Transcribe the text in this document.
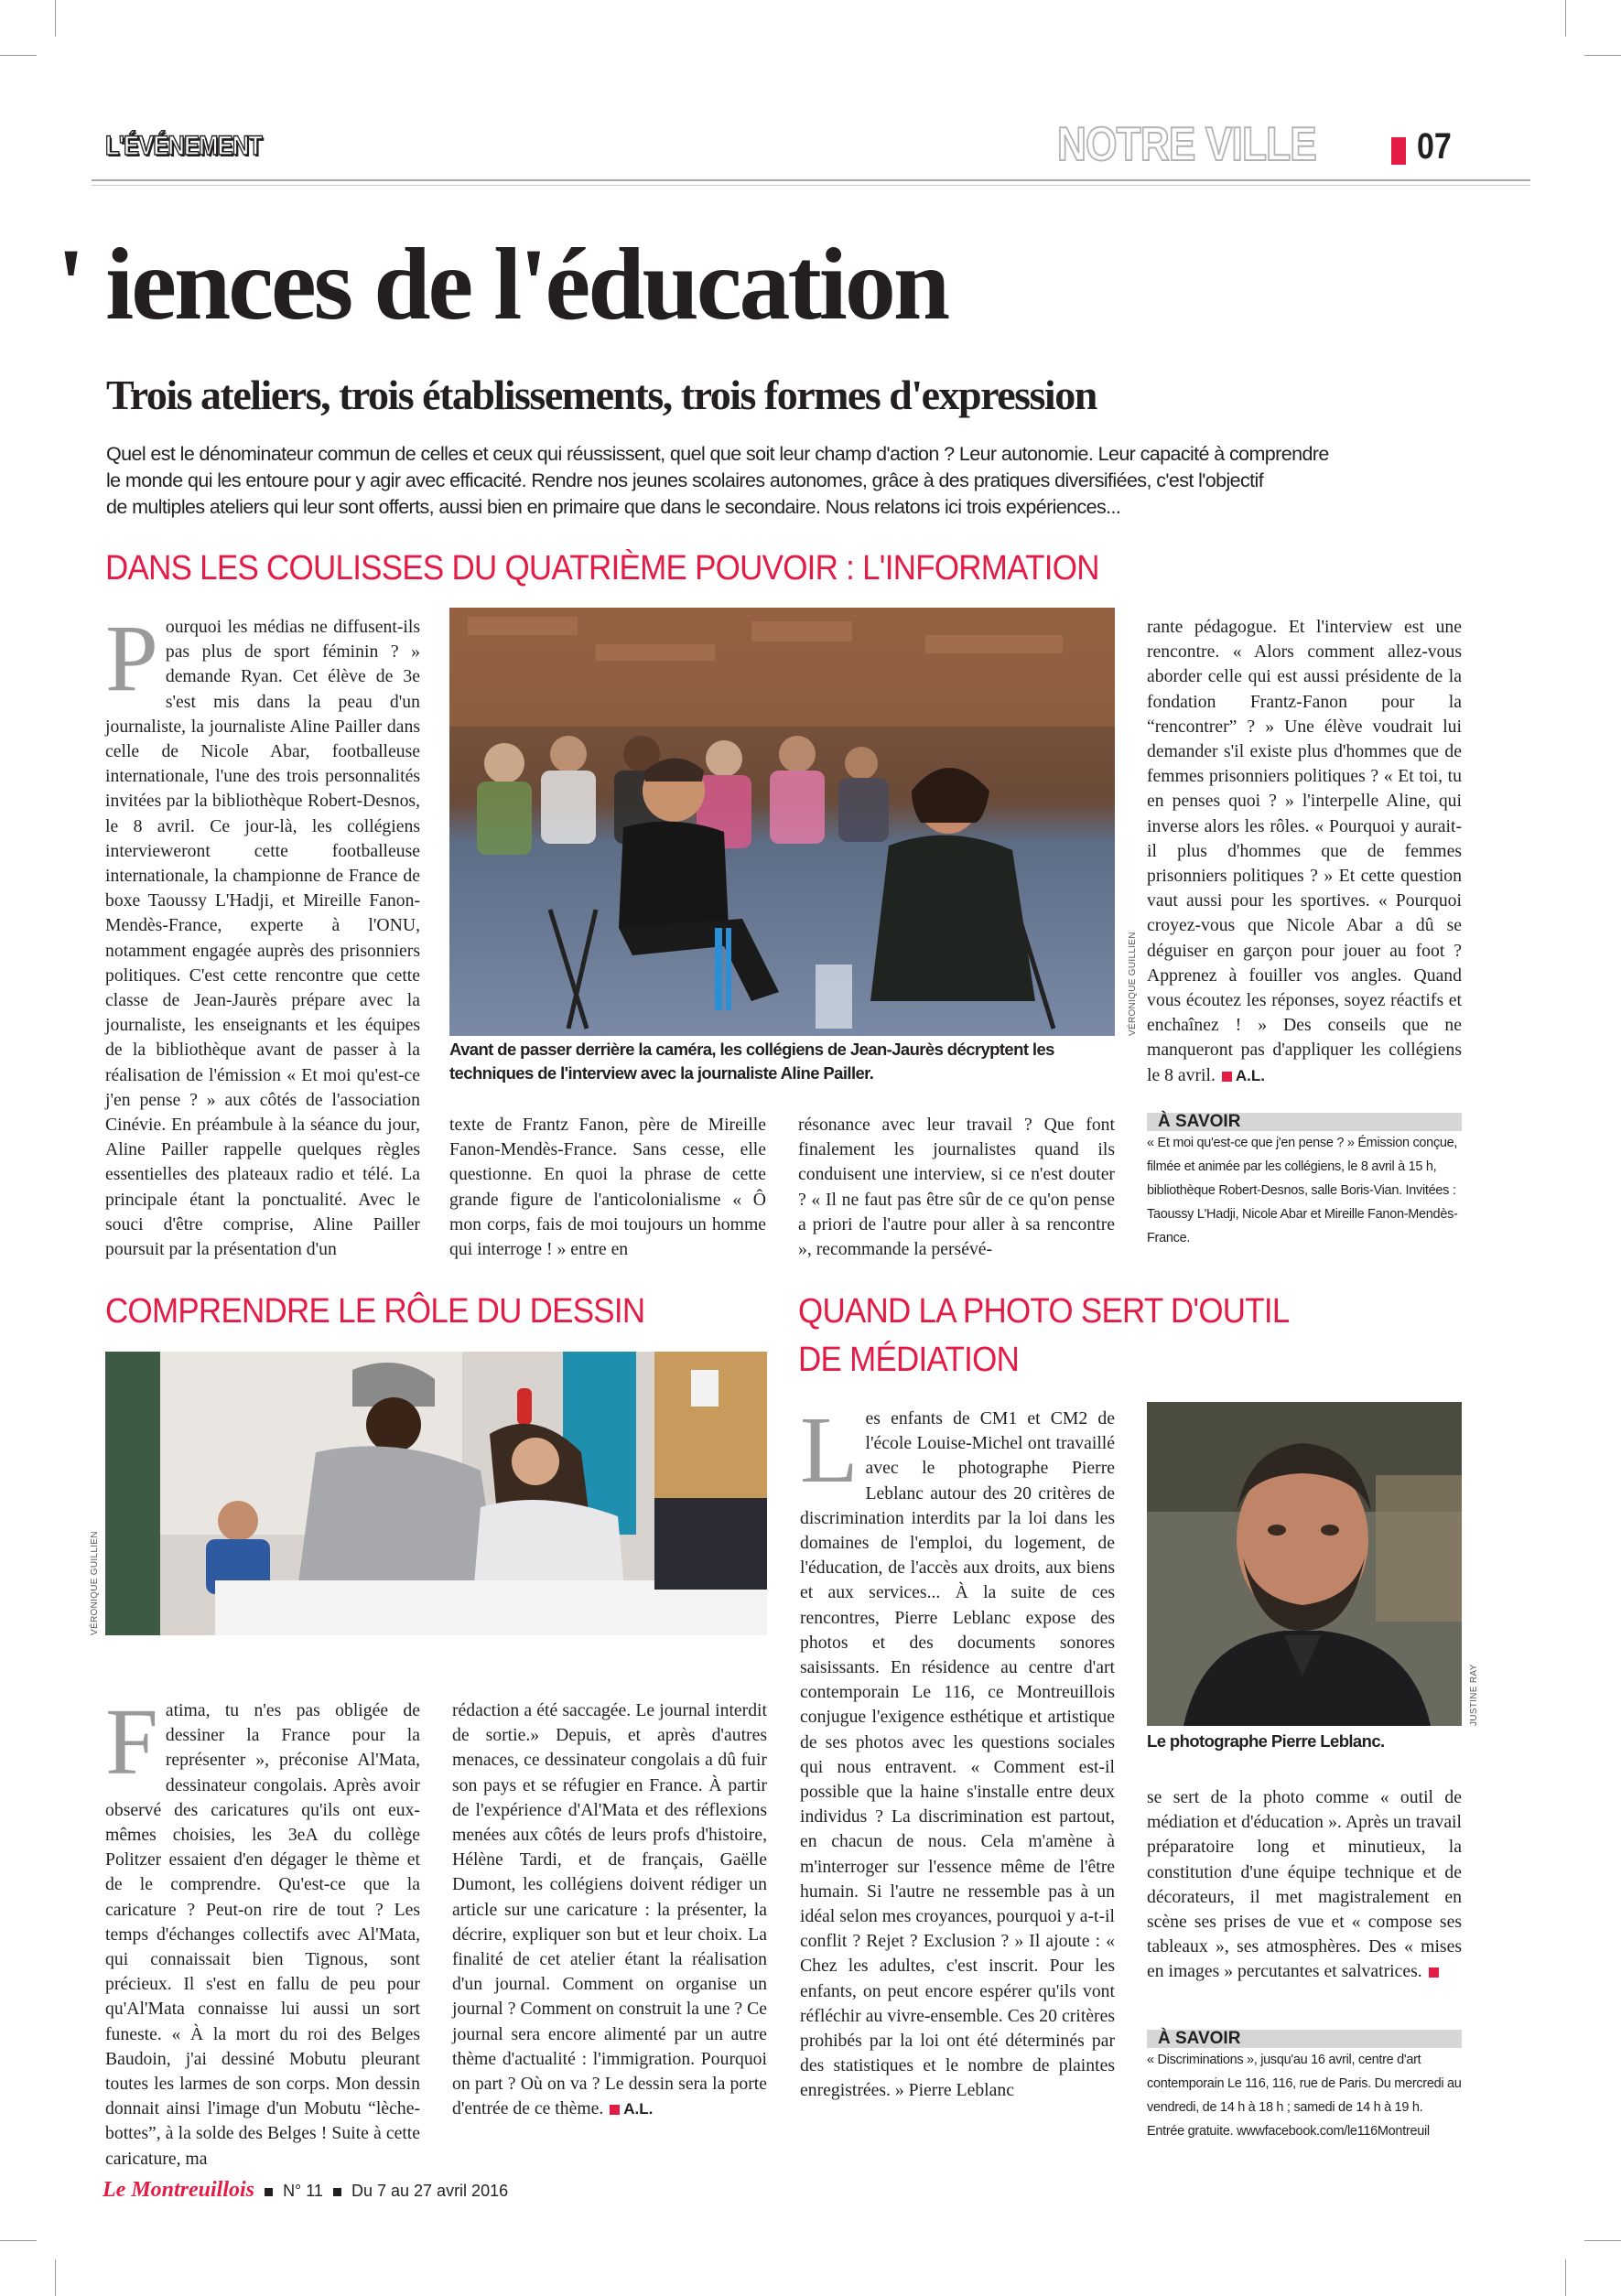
L'ÉVÉNEMENT	NOTRE VILLE	07
' iences de l'éducation
Trois ateliers, trois établissements, trois formes d'expression

Quel est le dénominateur commun de celles et ceux qui réussissent, quel que soit leur champ d'action ? Leur autonomie. Leur capacité à comprendre

le monde qui les entoure pour y agir avec efficacité. Rendre nos jeunes scolaires autonomes, grâce à des pratiques diversifiées, c'est l'objectif

de multiples ateliers qui leur sont offerts, aussi bien en primaire que dans le secondaire. Nous relatons ici trois expériences...

DANS LES COULISSES DU QUATRIÈME POUVOIR : L'INFORMATION
P ourquoi les médias ne diffusent-ils pas plus de sport féminin ? » demande Ryan. Cet élève de 3e s'est mis dans la peau d'un journaliste, la journaliste Aline Pailler dans celle de Nicole Abar, footballeuse internationale, l'une des trois personnalités invitées par la bibliothèque Robert-Desnos, le 8 avril. Ce jour-là, les collégiens intervieweront cette footballeuse internationale, la championne de France de boxe Taoussy L'Hadji, et Mireille Fanon-Mendès-France, experte à l'ONU, notamment engagée auprès des prisonniers politiques. C'est cette rencontre que cette classe de Jean-Jaurès prépare avec la journaliste, les enseignants et les équipes de la bibliothèque avant de passer à la réalisation de l'émission « Et moi qu'est-ce j'en pense ? » aux côtés de l'association Cinévie. En préambule à la séance du jour, Aline Pailler rappelle quelques règles essentielles des plateaux radio et télé. La principale étant la ponctualité. Avec le souci d'être comprise, Aline Pailler poursuit par la présentation d'un
VÉRONIQUE GUILLIEN
Avant de passer derrière la caméra, les collégiens de Jean-Jaurès décryptent les techniques de l'interview avec la journaliste Aline Pailler.
texte de Frantz Fanon, père de Mireille Fanon-Mendès-France. Sans cesse, elle questionne. En quoi la phrase de cette grande figure de l'anticolonialisme « Ô mon corps, fais de moi toujours un homme qui interroge ! » entre en
résonance avec leur travail ? Que font finalement les journalistes quand ils conduisent une interview, si ce n'est douter ? « Il ne faut pas être sûr de ce qu'on pense a priori de l'autre pour aller à sa rencontre », recommande la persévé-
rante pédagogue. Et l'interview est une rencontre. « Alors comment allez-vous aborder celle qui est aussi présidente de la fondation Frantz-Fanon pour la “rencontrer” ? » Une élève voudrait lui demander s'il existe plus d'hommes que de femmes prisonniers politiques ? « Et toi, tu en penses quoi ? » l'interpelle Aline, qui inverse alors les rôles. « Pourquoi y aurait-il plus d'hommes que de femmes prisonniers politiques ? » Et cette question vaut aussi pour les sportives. « Pourquoi croyez-vous que Nicole Abar a dû se déguiser en garçon pour jouer au foot ? Apprenez à fouiller vos angles. Quand vous écoutez les réponses, soyez réactifs et enchaînez ! » Des conseils que ne manqueront pas d'appliquer les collégiens le 8 avril. A.L.
À SAVOIR
« Et moi qu'est-ce que j'en pense ? » Émission conçue, filmée et animée par les collégiens, le 8 avril à 15 h, bibliothèque Robert-Desnos, salle Boris-Vian. Invitées : Taoussy L'Hadji, Nicole Abar et Mireille Fanon-Mendès-France.
COMPRENDRE LE RÔLE DU DESSIN
VÉRONIQUE GUILLIEN
F atima, tu n'es pas obligée de dessiner la France pour la représenter », préconise Al'Mata, dessinateur congolais. Après avoir observé des caricatures qu'ils ont eux-mêmes choisies, les 3eA du collège Politzer essaient d'en dégager le thème et de le comprendre. Qu'est-ce que la caricature ? Peut-on rire de tout ? Les temps d'échanges collectifs avec Al'Mata, qui connaissait bien Tignous, sont précieux. Il s'est en fallu de peu pour qu'Al'Mata connaisse lui aussi un sort funeste. « À la mort du roi des Belges Baudoin, j'ai dessiné Mobutu pleurant toutes les larmes de son corps. Mon dessin donnait ainsi l'image d'un Mobutu “lèche-bottes”, à la solde des Belges ! Suite à cette caricature, ma
rédaction a été saccagée. Le journal interdit de sortie.» Depuis, et après d'autres menaces, ce dessinateur congolais a dû fuir son pays et se réfugier en France. À partir de l'expérience d'Al'Mata et des réflexions menées aux côtés de leurs profs d'histoire, Hélène Tardi, et de français, Gaëlle Dumont, les collégiens doivent rédiger un article sur une caricature : la présenter, la décrire, expliquer son but et leur choix. La finalité de cet atelier étant la réalisation d'un journal. Comment on organise un journal ? Comment on construit la une ? Ce journal sera encore alimenté par un autre thème d'actualité : l'immigration. Pourquoi on part ? Où on va ? Le dessin sera la porte d'entrée de ce thème. A.L.
QUAND LA PHOTO SERT D'OUTIL
DE MÉDIATION
L es enfants de CM1 et CM2 de l'école Louise-Michel ont travaillé avec le photographe Pierre Leblanc autour des 20 critères de discrimination interdits par la loi dans les domaines de l'emploi, du logement, de l'éducation, de l'accès aux droits, aux biens et aux services... À la suite de ces rencontres, Pierre Leblanc expose des photos et des documents sonores saisissants. En résidence au centre d'art contemporain Le 116, ce Montreuillois conjugue l'exigence esthétique et artistique de ses photos avec les questions sociales qui nous entravent. « Comment est-il possible que la haine s'installe entre deux individus ? La discrimination est partout, en chacun de nous. Cela m'amène à m'interroger sur l'essence même de l'être humain. Si l'autre ne ressemble pas à un idéal selon mes croyances, pourquoi y a-t-il conflit ? Rejet ? Exclusion ? » Il ajoute : « Chez les adultes, c'est inscrit. Pour les enfants, on peut encore espérer qu'ils vont réfléchir au vivre-ensemble. Ces 20 critères prohibés par la loi ont été déterminés par des statistiques et le nombre de plaintes enregistrées. » Pierre Leblanc
JUSTINE RAY
Le photographe Pierre Leblanc.
se sert de la photo comme « outil de médiation et d'éducation ». Après un travail préparatoire long et minutieux, la constitution d'une équipe technique et de décorateurs, il met magistralement en scène ses prises de vue et « compose ses tableaux », ses atmosphères. Des « mises en images » percutantes et salvatrices.
À SAVOIR
« Discriminations », jusqu'au 16 avril, centre d'art contemporain Le 116, 116, rue de Paris. Du mercredi au vendredi, de 14 h à 18 h ; samedi de 14 h à 19 h. Entrée gratuite. wwwfacebook.com/le116Montreuil
Le Montreuillois N° 11 Du 7 au 27 avril 2016
